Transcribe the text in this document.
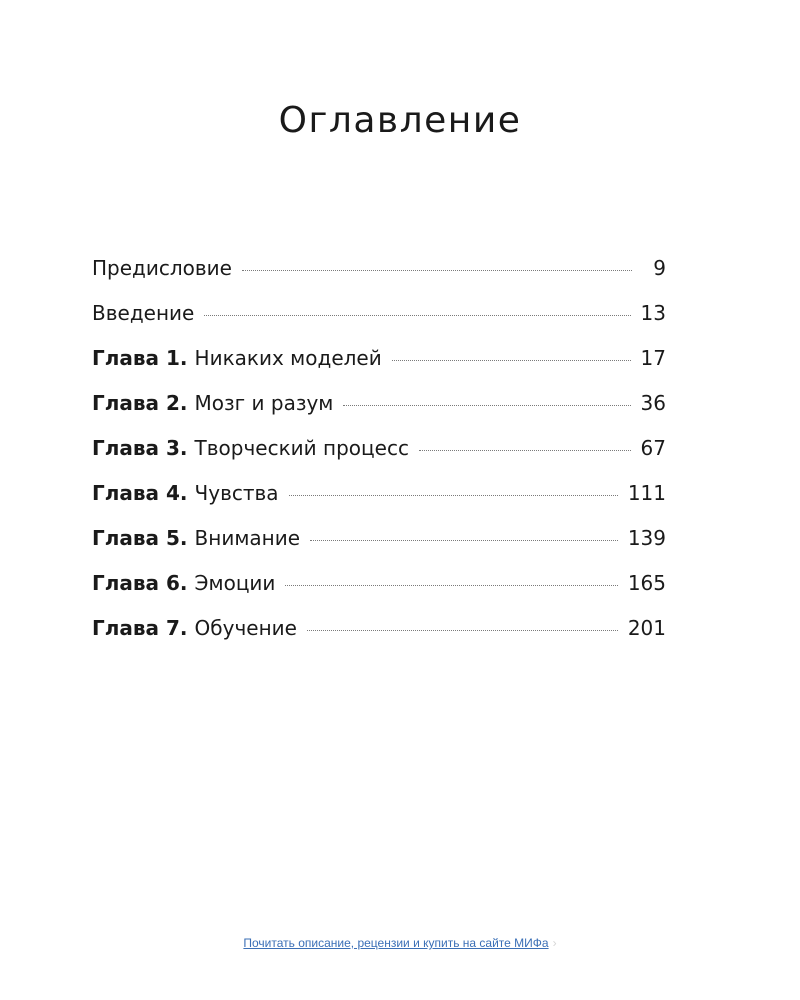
Оглавление
Предисловие	9
Введение	13
Глава 1. Никаких моделей	17
Глава 2. Мозг и разум	36
Глава 3. Творческий процесс	67
Глава 4. Чувства	111
Глава 5. Внимание	139
Глава 6. Эмоции	165
Глава 7. Обучение	201
Почитать описание, рецензии и купить на сайте МИФа ›
